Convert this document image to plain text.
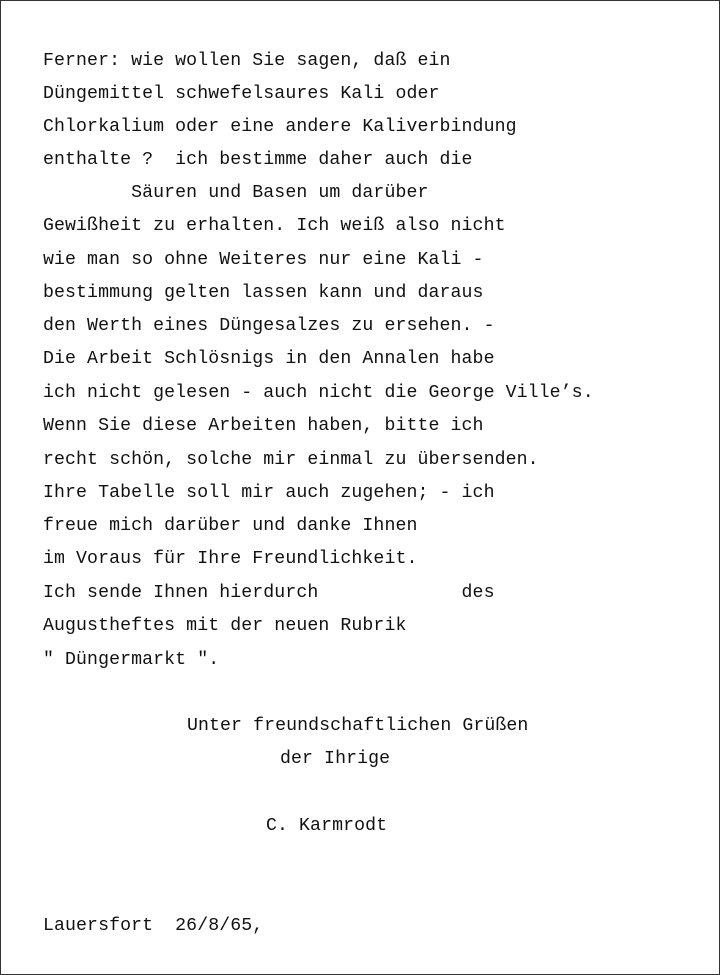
Ferner: wie wollen Sie sagen, daß ein
Düngemittel schwefelsaures Kali oder
Chlorkalium oder eine andere Kaliverbindung
enthalte ?  ich bestimme daher auch die
Säuren und Basen um darüber
Gewißheit zu erhalten. Ich weiß also nicht
wie man so ohne Weiteres nur eine Kali -
bestimmung gelten lassen kann und daraus
den Werth eines Düngesalzes zu ersehen. -
Die Arbeit Schlösnigs in den Annalen habe
ich nicht gelesen - auch nicht die George Ville’s.
Wenn Sie diese Arbeiten haben, bitte ich
recht schön, solche mir einmal zu übersenden.
Ihre Tabelle soll mir auch zugehen; - ich
freue mich darüber und danke Ihnen
im Voraus für Ihre Freundlichkeit.
Ich sende Ihnen hierdurch             des
Augustheftes mit der neuen Rubrik
" Düngermarkt ".
Unter freundschaftlichen Grüßen
der Ihrige
C. Karmrodt
Lauersfort  26/8/65,
